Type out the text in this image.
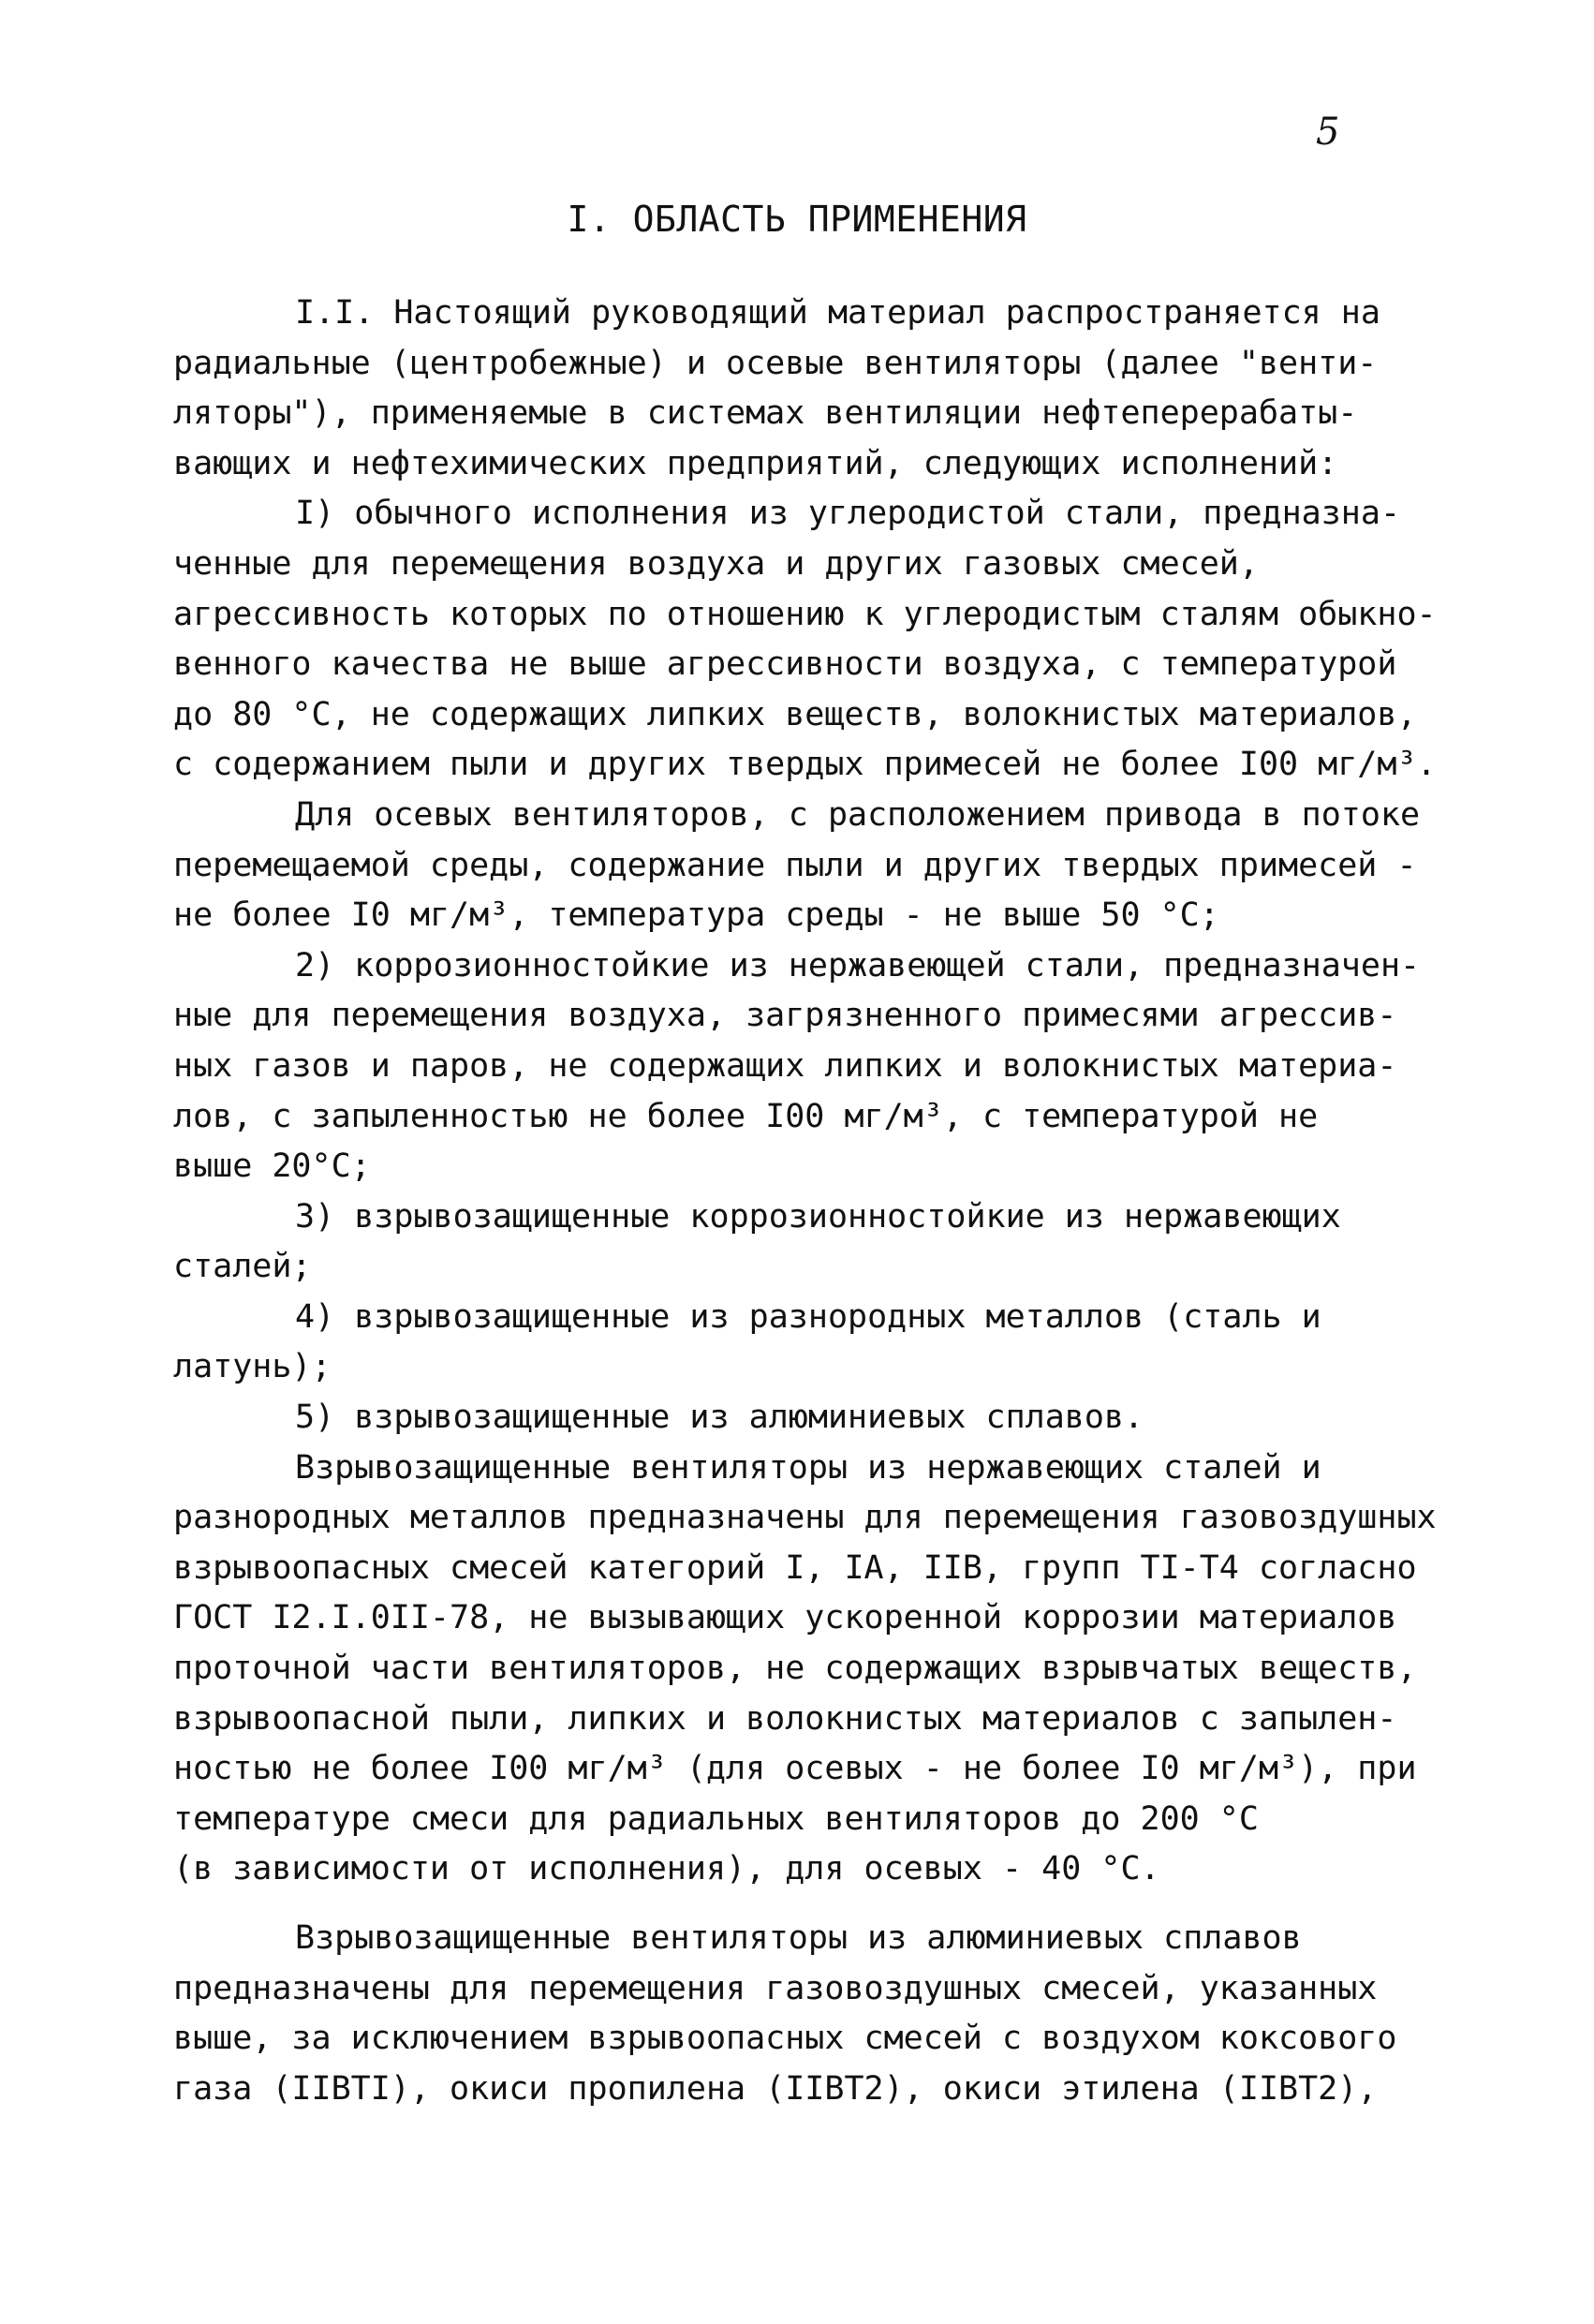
5
I. ОБЛАСТЬ ПРИМЕНЕНИЯ
I.I. Настоящий руководящий материал распространяется на
радиальные (центробежные) и осевые вентиляторы (далее "венти-
ляторы"), применяемые в системах вентиляции нефтеперерабаты-
вающих и нефтехимических предприятий, следующих исполнений:
I) обычного исполнения из углеродистой стали, предназна-
ченные для перемещения воздуха и других газовых смесей,
агрессивность которых по отношению к углеродистым сталям обыкно-
венного качества не выше агрессивности воздуха, с температурой
до 80 °С, не содержащих липких веществ, волокнистых материалов,
с содержанием пыли и других твердых примесей не более I00 мг/м³.
Для осевых вентиляторов, с расположением привода в потоке
перемещаемой среды, содержание пыли и других твердых примесей -
не более I0 мг/м³, температура среды - не выше 50 °С;
2) коррозионностойкие из нержавеющей стали, предназначен-
ные для перемещения воздуха, загрязненного примесями агрессив-
ных газов и паров, не содержащих липких и волокнистых материа-
лов, с запыленностью не более I00 мг/м³, с температурой не
выше 20°С;
3) взрывозащищенные коррозионностойкие из нержавеющих
сталей;
4) взрывозащищенные из разнородных металлов (сталь и
латунь);
5) взрывозащищенные из алюминиевых сплавов.
Взрывозащищенные вентиляторы из нержавеющих сталей и
разнородных металлов предназначены для перемещения газовоздушных
взрывоопасных смесей категорий I, IA, IIВ, групп TI-T4 согласно
ГОСТ I2.I.0II-78, не вызывающих ускоренной коррозии материалов
проточной части вентиляторов, не содержащих взрывчатых веществ,
взрывоопасной пыли, липких и волокнистых материалов с запылен-
ностью не более I00 мг/м³ (для осевых - не более I0 мг/м³), при
температуре смеси для радиальных вентиляторов до 200 °С
(в зависимости от исполнения), для осевых - 40 °С.
Взрывозащищенные вентиляторы из алюминиевых сплавов
предназначены для перемещения газовоздушных смесей, указанных
выше, за исключением взрывоопасных смесей с воздухом коксового
газа (IIВТI), окиси пропилена (IIВТ2), окиси этилена (IIВТ2),
